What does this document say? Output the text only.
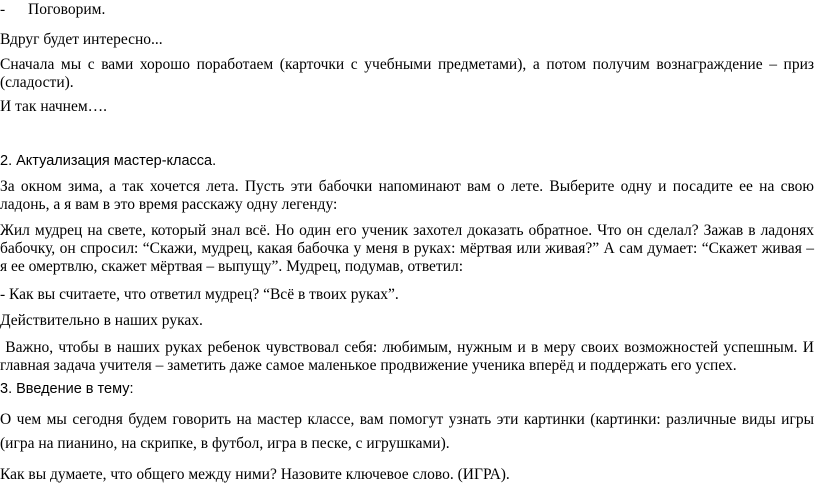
- Поговорим.
Вдруг будет интересно...
Сначала мы с вами хорошо поработаем (карточки с учебными предметами), а потом получим вознаграждение – приз (сладости).
И так начнем….
2. Актуализация мастер-класса.
За окном зима, а так хочется лета. Пусть эти бабочки напоминают вам о лете. Выберите одну и посадите ее на свою ладонь, а я вам в это время расскажу одну легенду:
Жил мудрец на свете, который знал всё. Но один его ученик захотел доказать обратное. Что он сделал? Зажав в ладонях бабочку, он спросил: “Скажи, мудрец, какая бабочка у меня в руках: мёртвая или живая?” А сам думает: “Скажет живая – я ее омертвлю, скажет мёртвая – выпущу”. Мудрец, подумав, ответил:
- Как вы считаете, что ответил мудрец? “Всё в твоих руках”.
Действительно в наших руках.
Важно, чтобы в наших руках ребенок чувствовал себя: любимым, нужным и в меру своих возможностей успешным. И главная задача учителя – заметить даже самое маленькое продвижение ученика вперёд и поддержать его успех.
3. Введение в тему:
О чем мы сегодня будем говорить на мастер классе, вам помогут узнать эти картинки (картинки: различные виды игры (игра на пианино, на скрипке, в футбол, игра в песке, с игрушками).
Как вы думаете, что общего между ними? Назовите ключевое слово. (ИГРА).
